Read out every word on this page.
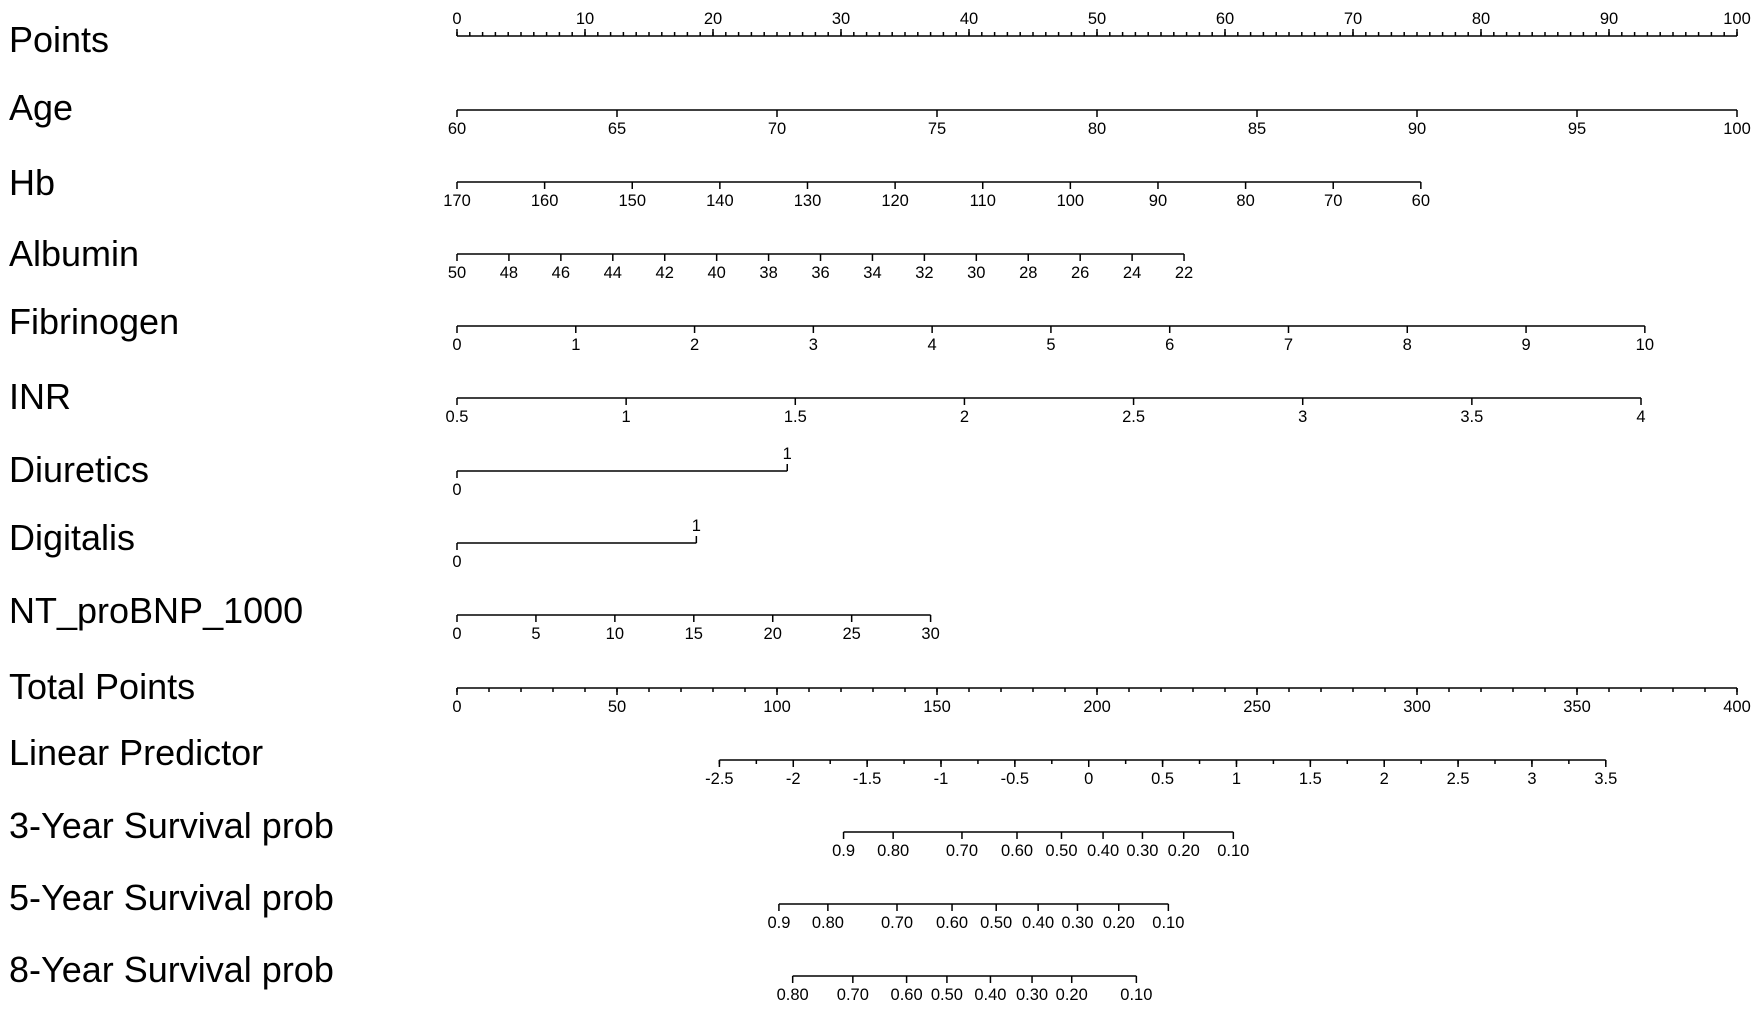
Points	0	10	20	30	40	50	60	70	80	90	100
Age
60	65	70	75	80	85	90	95	100
Hb	170	160	150	140	130	120	110	100	90	80	70	60
Albumin	50 48 46 44 42 40 38 36 34 32 30 28 26 24 22
Fibrinogen
0	1	2	3	4	5	6	7	8	9	10
INR	0.5	1	1.5	2	2.5	3	3.5	4
Diuretics	0
1
Digitalis
0
1
NT_proBNP_1000
0	5	10	15	20	25	30
Total Points	0	50	100	150	200	250	300	350	400
Linear Predictor
-2.5	-2	-1.5	-1	-0.5	0	0.5	1	1.5	2	2.5	3	3.5
3-Year Survival prob
0.9 0.80 0.70 0.60 0.50 0.40 0.30 0.20 0.10
5-Year Survival prob
0.9 0.80 0.70 0.60 0.50 0.40 0.30 0.20 0.10
8-Year Survival prob
0.80 0.70 0.60 0.50 0.40 0.30 0.20 0.10
